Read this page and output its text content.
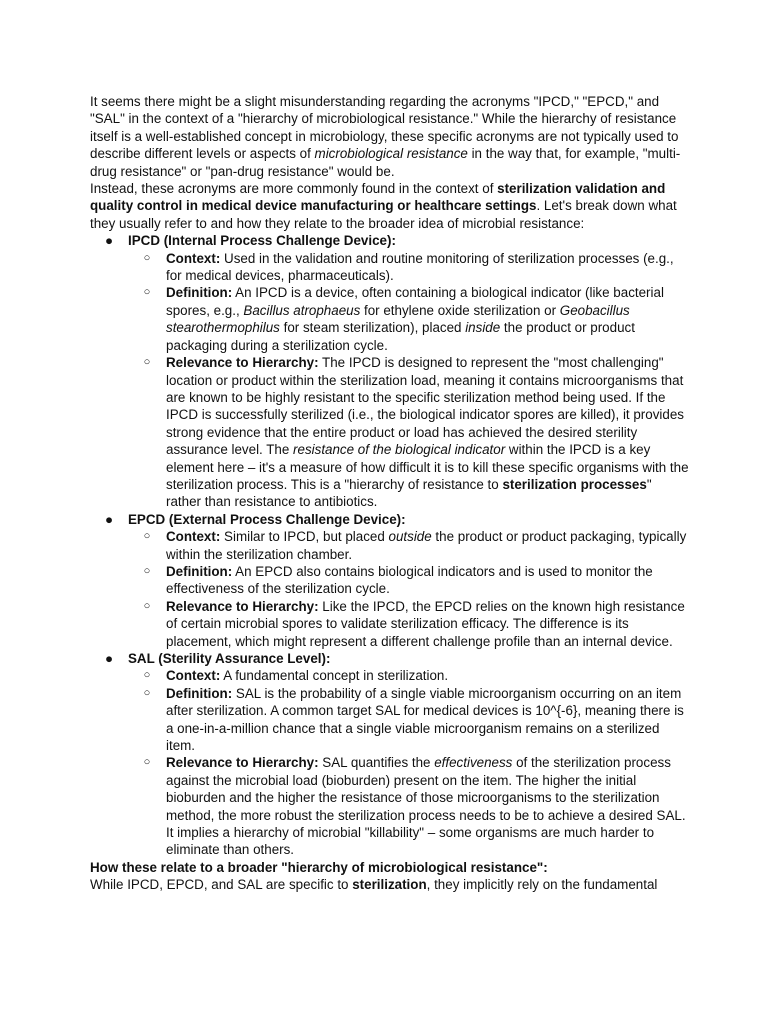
It seems there might be a slight misunderstanding regarding the acronyms "IPCD," "EPCD," and "SAL" in the context of a "hierarchy of microbiological resistance." While the hierarchy of resistance itself is a well-established concept in microbiology, these specific acronyms are not typically used to describe different levels or aspects of microbiological resistance in the way that, for example, "multi-drug resistance" or "pan-drug resistance" would be.

Instead, these acronyms are more commonly found in the context of sterilization validation and quality control in medical device manufacturing or healthcare settings. Let's break down what they usually refer to and how they relate to the broader idea of microbial resistance:

● IPCD (Internal Process Challenge Device):
○ Context: Used in the validation and routine monitoring of sterilization processes (e.g., for medical devices, pharmaceuticals).
○ Definition: An IPCD is a device, often containing a biological indicator (like bacterial spores, e.g., Bacillus atrophaeus for ethylene oxide sterilization or Geobacillus stearothermophilus for steam sterilization), placed inside the product or product packaging during a sterilization cycle.
○ Relevance to Hierarchy: The IPCD is designed to represent the "most challenging" location or product within the sterilization load, meaning it contains microorganisms that are known to be highly resistant to the specific sterilization method being used. If the IPCD is successfully sterilized (i.e., the biological indicator spores are killed), it provides strong evidence that the entire product or load has achieved the desired sterility assurance level. The resistance of the biological indicator within the IPCD is a key element here – it's a measure of how difficult it is to kill these specific organisms with the sterilization process. This is a "hierarchy of resistance to sterilization processes" rather than resistance to antibiotics.
● EPCD (External Process Challenge Device):
○ Context: Similar to IPCD, but placed outside the product or product packaging, typically within the sterilization chamber.
○ Definition: An EPCD also contains biological indicators and is used to monitor the effectiveness of the sterilization cycle.
○ Relevance to Hierarchy: Like the IPCD, the EPCD relies on the known high resistance of certain microbial spores to validate sterilization efficacy. The difference is its placement, which might represent a different challenge profile than an internal device.
● SAL (Sterility Assurance Level):
○ Context: A fundamental concept in sterilization.
○ Definition: SAL is the probability of a single viable microorganism occurring on an item after sterilization. A common target SAL for medical devices is 10^{-6}, meaning there is a one-in-a-million chance that a single viable microorganism remains on a sterilized item.
○ Relevance to Hierarchy: SAL quantifies the effectiveness of the sterilization process against the microbial load (bioburden) present on the item. The higher the initial bioburden and the higher the resistance of those microorganisms to the sterilization method, the more robust the sterilization process needs to be to achieve a desired SAL. It implies a hierarchy of microbial "killability" – some organisms are much harder to eliminate than others.

How these relate to a broader "hierarchy of microbiological resistance":

While IPCD, EPCD, and SAL are specific to sterilization, they implicitly rely on the fundamental
